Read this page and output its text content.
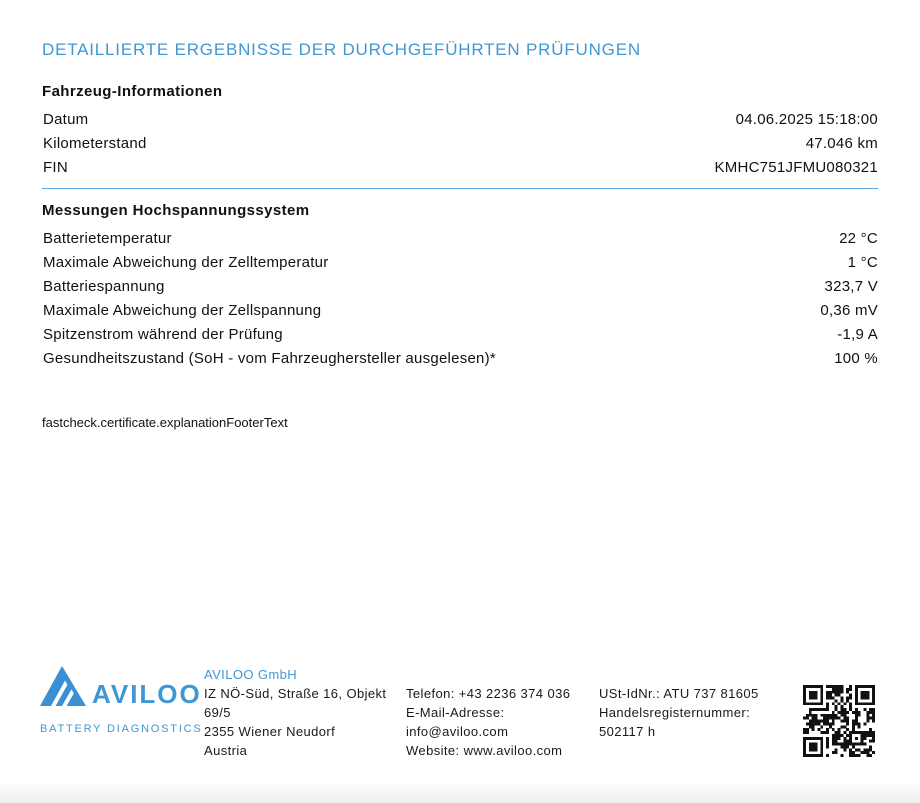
DETAILLIERTE ERGEBNISSE DER DURCHGEFÜHRTEN PRÜFUNGEN
Fahrzeug-Informationen
Datum	04.06.2025 15:18:00
Kilometerstand	47.046 km
FIN	KMHC751JFMU080321
Messungen Hochspannungssystem
Batterietemperatur	22 °C
Maximale Abweichung der Zelltemperatur	1 °C
Batteriespannung	323,7 V
Maximale Abweichung der Zellspannung	0,36 mV
Spitzenstrom während der Prüfung	-1,9 A
Gesundheitszustand (SoH - vom Fahrzeughersteller ausgelesen)*	100 %
fastcheck.certificate.explanationFooterText
AVILOO
BATTERY DIAGNOSTICS
AVILOO GmbH
IZ NÖ-Süd, Straße 16, Objekt 69/5
2355 Wiener Neudorf
Austria
Telefon: +43 2236 374 036
E-Mail-Adresse: info@aviloo.com
Website: www.aviloo.com
USt-IdNr.: ATU 737 81605
Handelsregisternummer: 502117 h
